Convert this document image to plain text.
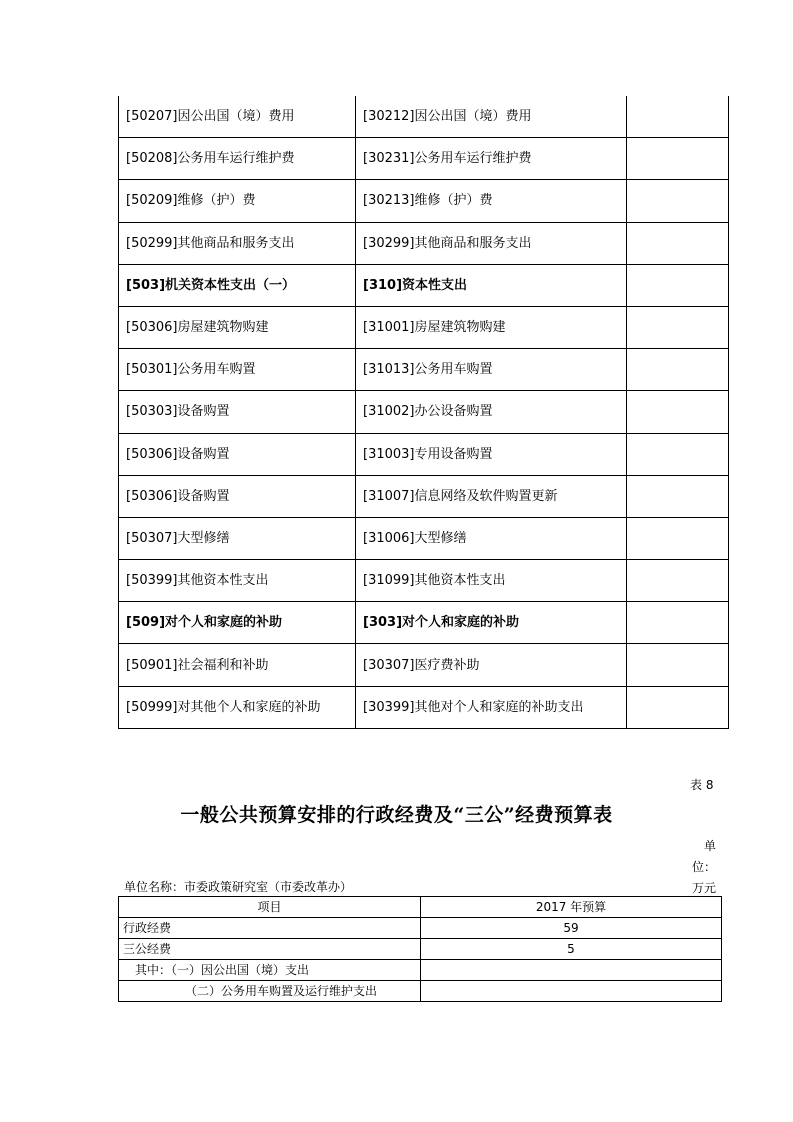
[50207]因公出国（境）费用	[30212]因公出国（境）费用	
[50208]公务用车运行维护费	[30231]公务用车运行维护费	
[50209]维修（护）费	[30213]维修（护）费	
[50299]其他商品和服务支出	[30299]其他商品和服务支出	
[503]机关资本性支出（一）	[310]资本性支出	
[50306]房屋建筑物购建	[31001]房屋建筑物购建	
[50301]公务用车购置	[31013]公务用车购置	
[50303]设备购置	[31002]办公设备购置	
[50306]设备购置	[31003]专用设备购置	
[50306]设备购置	[31007]信息网络及软件购置更新	
[50307]大型修缮	[31006]大型修缮	
[50399]其他资本性支出	[31099]其他资本性支出	
[509]对个人和家庭的补助	[303]对个人和家庭的补助	
[50901]社会福利和补助	[30307]医疗费补助	
[50999]对其他个人和家庭的补助	[30399]其他对个人和家庭的补助支出	
表 8
一般公共预算安排的行政经费及“三公”经费预算表
单
位：
万元
单位名称：市委政策研究室（市委改革办）
项目	2017 年预算
行政经费	59
三公经费	5
其中：（一）因公出国（境）支出	
（二）公务用车购置及运行维护支出	
